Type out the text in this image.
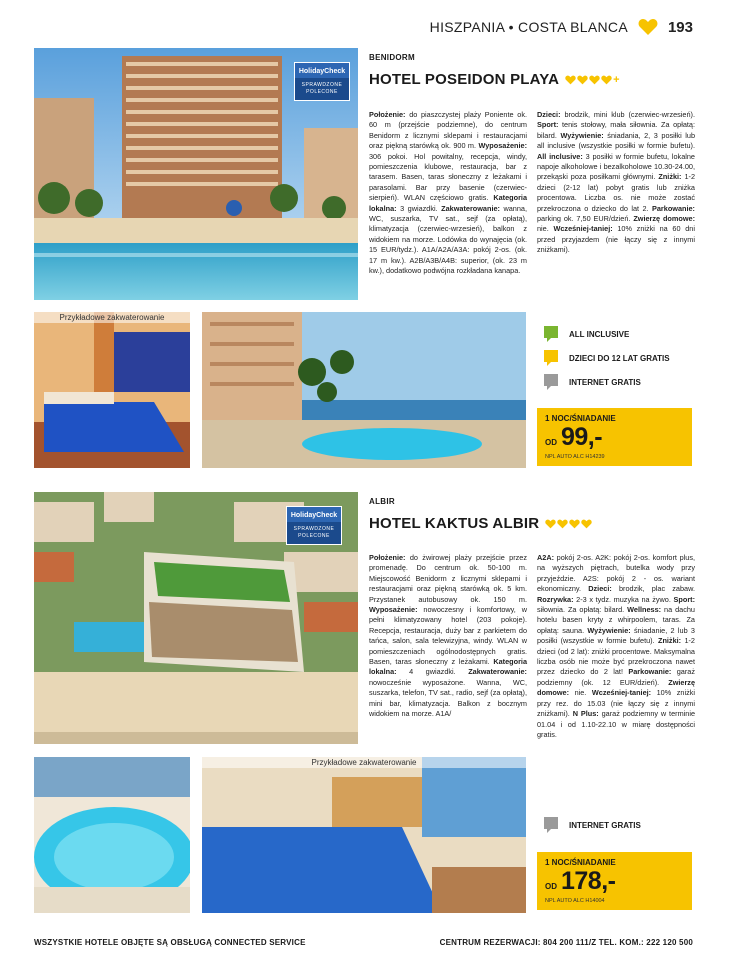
HISZPANIA • COSTA BLANCA	193
HolidayCheck
SPRAWDZONE POLECONE
BENIDORM
HOTEL POSEIDON PLAYA	+
Położenie: do piaszczystej plaży Poniente ok. 60 m (przejście podziemne), do centrum Benidorm z licznymi sklepami i restauracjami oraz piękną starówką ok. 900 m. Wyposażenie: 306 pokoi. Hol powitalny, recepcja, windy, pomieszczenia klubowe, restauracja, bar z tarasem. Basen, taras słoneczny z leżakami i parasolami. Bar przy basenie (czerwiec-sierpień). WLAN częściowo gratis. Kategoria lokalna: 3 gwiazdki. Zakwaterowanie: wanna, WC, suszarka, TV sat., sejf (za opłatą), klimatyzacja (czerwiec-wrzesień), balkon z widokiem na morze. Lodówka do wynajęcia (ok. 15 EUR/tydz.). A1A/A2A/A3A: pokój 2-os. (ok. 17 m kw.). A2B/A3B/A4B: superior, (ok. 23 m kw.), dodatkowo podwójna rozkładana kanapa.
Dzieci: brodzik, mini klub (czerwiec-wrzesień). Sport: tenis stołowy, mała siłownia. Za opłatą: bilard. Wyżywienie: śniadania, 2, 3 posiłki lub all inclusive (wszystkie posiłki w formie bufetu). All inclusive: 3 posiłki w formie bufetu, lokalne napoje alkoholowe i bezalkoholowe 10.30-24.00, przekąski poza posiłkami głównymi. Zniżki: 1-2 dzieci (2-12 lat) pobyt gratis lub zniżka procentowa. Liczba os. nie może zostać przekroczona o dziecko do lat 2. Parkowanie: parking ok. 7,50 EUR/dzień. Zwierzę domowe: nie. Wcześniej-taniej: 10% zniżki na 60 dni przed przyjazdem (nie łączy się z innymi zniżkami).
Przykładowe zakwaterowanie
ALL INCLUSIVE
DZIECI DO 12 LAT GRATIS
INTERNET GRATIS
1 NOC/ŚNIADANIE
OD 99,-
NPL AUTO ALC H14239
HolidayCheck
SPRAWDZONE POLECONE
ALBIR
HOTEL KAKTUS ALBIR
Położenie: do żwirowej plaży przejście przez promenadę. Do centrum ok. 50-100 m. Miejscowość Benidorm z licznymi sklepami i restauracjami oraz piękną starówką ok. 5 km. Przystanek autobusowy ok. 150 m. Wyposażenie: nowoczesny i komfortowy, w pełni klimatyzowany hotel (203 pokoje). Recepcja, restauracja, duży bar z parkietem do tańca, salon, sala telewizyjna, windy. WLAN w pomieszczeniach ogólnodostępnych gratis. Basen, taras słoneczny z leżakami. Kategoria lokalna: 4 gwiazdki. Zakwaterowanie: nowocześnie wyposażone. Wanna, WC, suszarka, telefon, TV sat., radio, sejf (za opłatą), mini bar, klimatyzacja. Balkon z bocznym widokiem na morze. A1A/
A2A: pokój 2-os. A2K: pokój 2-os. komfort plus, na wyższych piętrach, butelka wody przy przyjeździe. A2S: pokój 2 - os. wariant ekonomiczny. Dzieci: brodzik, plac zabaw. Rozrywka: 2-3 x tydz. muzyka na żywo. Sport: siłownia. Za opłatą: bilard. Wellness: na dachu hotelu basen kryty z whirpoolem, taras. Za opłatą: sauna. Wyżywienie: śniadanie, 2 lub 3 posiłki (wszystkie w formie bufetu). Zniżki: 1-2 dzieci (od 2 lat): zniżki procentowe. Maksymalna liczba osób nie może być przekroczona nawet przez dziecko do 2 lat! Parkowanie: garaż podziemny (ok. 12 EUR/dzień). Zwierzę domowe: nie. Wcześniej-taniej: 10% zniżki przy rez. do 15.03 (nie łączy się z innymi zniżkami). N Plus: garaż podziemny w terminie 01.04 i od 1.10-22.10 w miarę dostępności gratis.
Przykładowe zakwaterowanie
INTERNET GRATIS
1 NOC/ŚNIADANIE
OD 178,-
NPL AUTO ALC H14004
WSZYSTKIE HOTELE OBJĘTE SĄ OBSŁUGĄ CONNECTED SERVICE	CENTRUM REZERWACJI: 804 200 111/Z TEL. KOM.: 222 120 500
